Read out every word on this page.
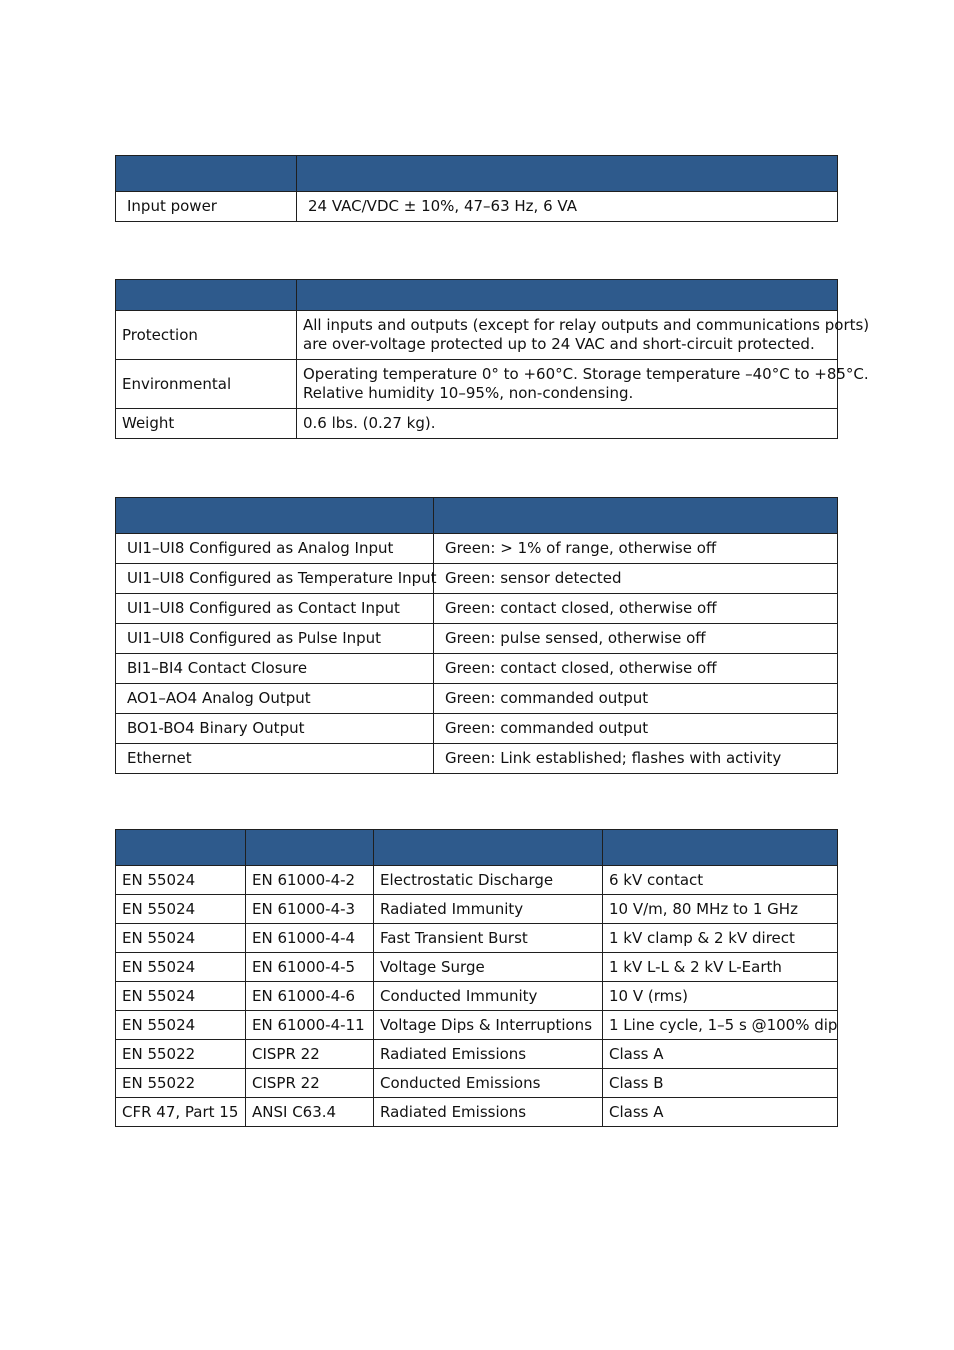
Input power	24 VAC/VDC ± 10%, 47–63 Hz, 6 VA

Protection	All inputs and outputs (except for relay outputs and communications ports)
are over-voltage protected up to 24 VAC and short-circuit protected.

Environmental	Operating temperature 0° to +60°C. Storage temperature –40°C to +85°C.
Relative humidity 10–95%, non-condensing.

Weight	0.6 lbs. (0.27 kg).

UI1–UI8 Configured as Analog Input	Green: > 1% of range, otherwise off
UI1–UI8 Configured as Temperature Input	Green: sensor detected
UI1–UI8 Configured as Contact Input	Green: contact closed, otherwise off
UI1–UI8 Configured as Pulse Input	Green: pulse sensed, otherwise off
BI1–BI4 Contact Closure	Green: contact closed, otherwise off
AO1–AO4 Analog Output	Green: commanded output
BO1-BO4 Binary Output	Green: commanded output
Ethernet	Green: Link established; flashes with activity

EN 55024	EN 61000-4-2	Electrostatic Discharge	6 kV contact
EN 55024	EN 61000-4-3	Radiated Immunity	10 V/m, 80 MHz to 1 GHz
EN 55024	EN 61000-4-4	Fast Transient Burst	1 kV clamp & 2 kV direct
EN 55024	EN 61000-4-5	Voltage Surge	1 kV L-L & 2 kV L-Earth
EN 55024	EN 61000-4-6	Conducted Immunity	10 V (rms)
EN 55024	EN 61000-4-11	Voltage Dips & Interruptions	1 Line cycle, 1–5 s @100% dip
EN 55022	CISPR 22	Radiated Emissions	Class A
EN 55022	CISPR 22	Conducted Emissions	Class B
CFR 47, Part 15	ANSI C63.4	Radiated Emissions	Class A
